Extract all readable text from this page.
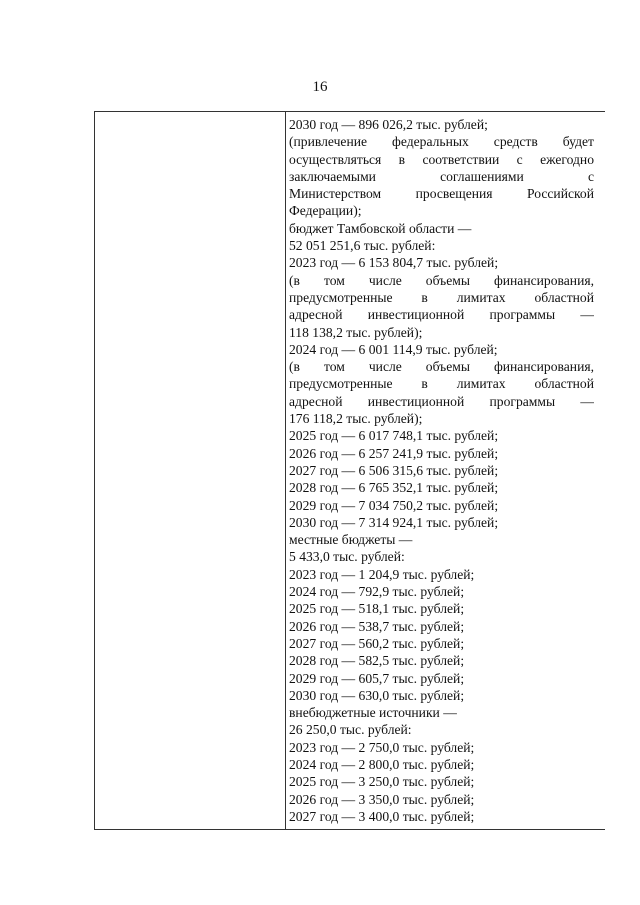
16
2030 год — 896 026,2 тыс. рублей;
(привлечение федеральных средств будет
осуществляться в соответствии с ежегодно
заключаемыми соглашениями с
Министерством просвещения Российской
Федерации);
бюджет Тамбовской области —
52 051 251,6 тыс. рублей:
2023 год — 6 153 804,7 тыс. рублей;
(в том числе объемы финансирования,
предусмотренные в лимитах областной
адресной инвестиционной программы —
118 138,2 тыс. рублей);
2024 год — 6 001 114,9 тыс. рублей;
(в том числе объемы финансирования,
предусмотренные в лимитах областной
адресной инвестиционной программы —
176 118,2 тыс. рублей);
2025 год — 6 017 748,1 тыс. рублей;
2026 год — 6 257 241,9 тыс. рублей;
2027 год — 6 506 315,6 тыс. рублей;
2028 год — 6 765 352,1 тыс. рублей;
2029 год — 7 034 750,2 тыс. рублей;
2030 год — 7 314 924,1 тыс. рублей;
местные бюджеты —
5 433,0 тыс. рублей:
2023 год — 1 204,9 тыс. рублей;
2024 год — 792,9 тыс. рублей;
2025 год — 518,1 тыс. рублей;
2026 год — 538,7 тыс. рублей;
2027 год — 560,2 тыс. рублей;
2028 год — 582,5 тыс. рублей;
2029 год — 605,7 тыс. рублей;
2030 год — 630,0 тыс. рублей;
внебюджетные источники —
26 250,0 тыс. рублей:
2023 год — 2 750,0 тыс. рублей;
2024 год — 2 800,0 тыс. рублей;
2025 год — 3 250,0 тыс. рублей;
2026 год — 3 350,0 тыс. рублей;
2027 год — 3 400,0 тыс. рублей;
